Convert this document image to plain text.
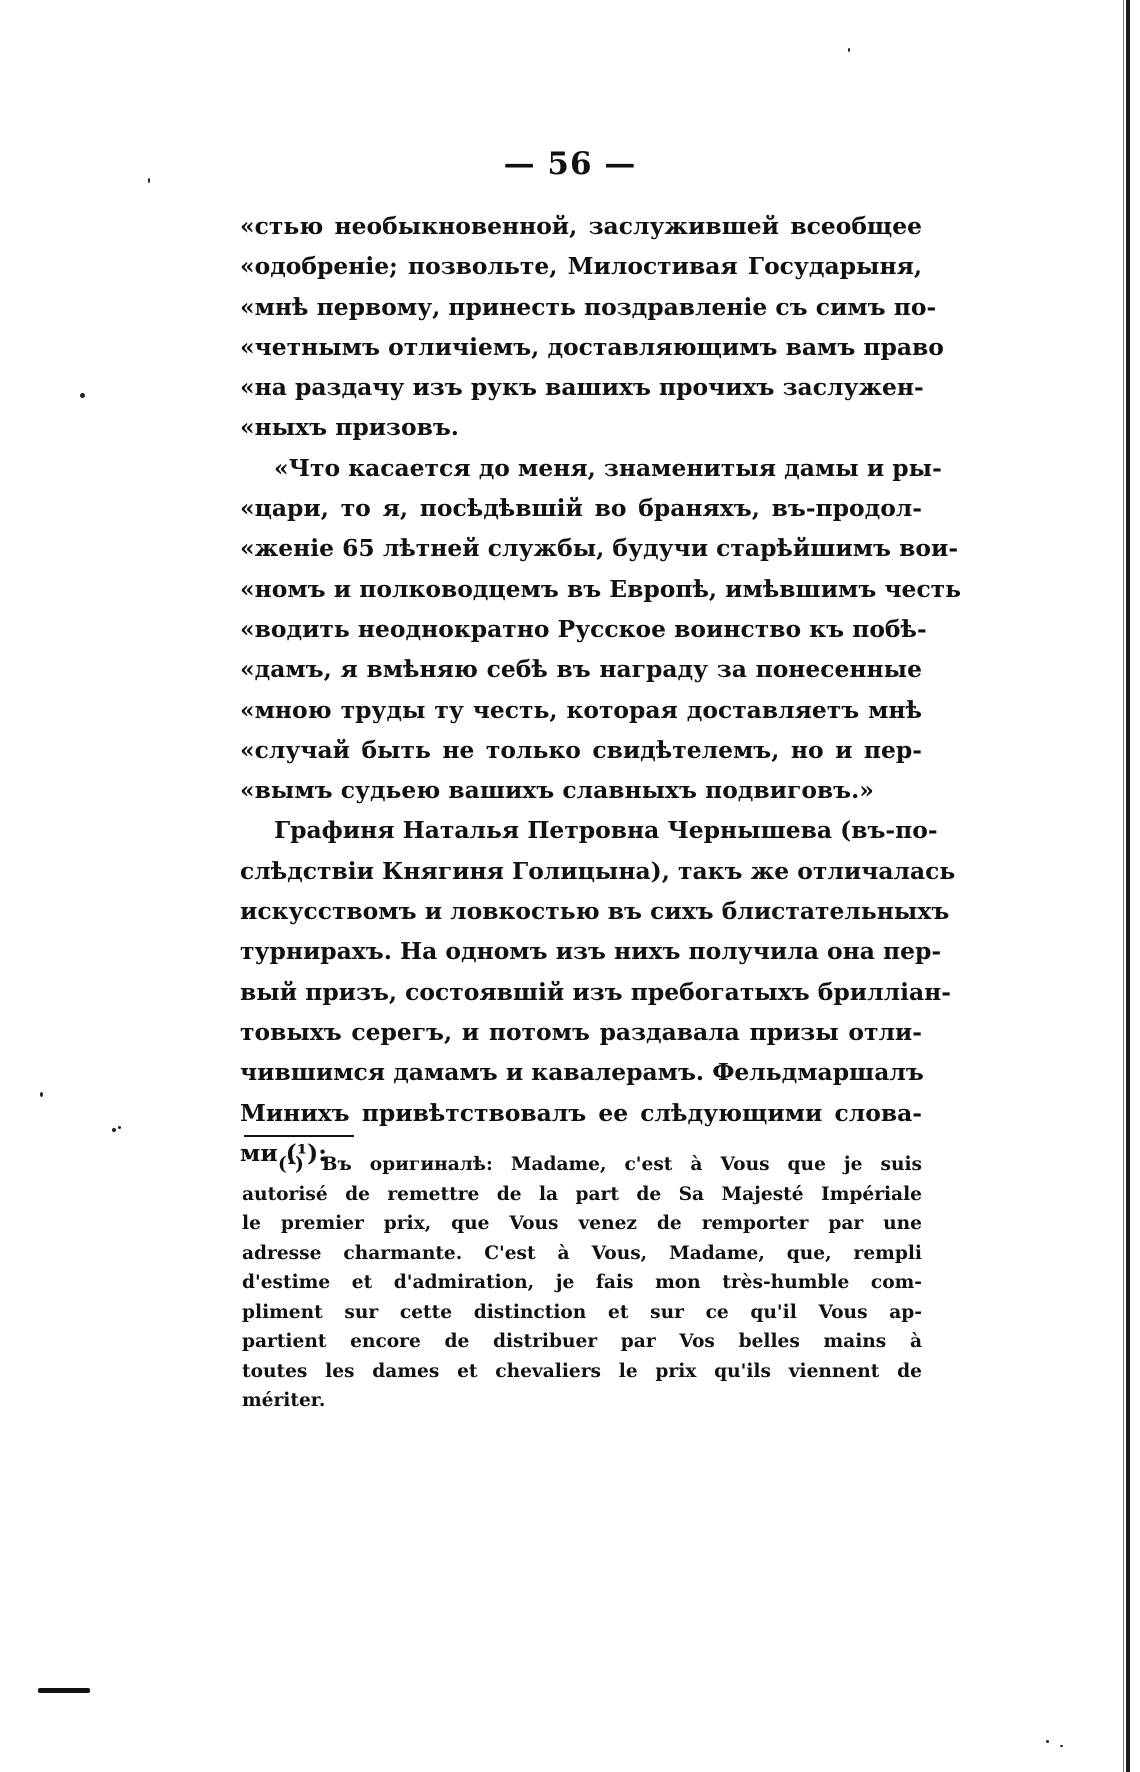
— 56 —
«стью необыкновенной, заслужившей всеобщее
«одобреніе; позвольте, Милостивая Государыня,
«мнѣ первому, принесть поздравленіе съ симъ по-
«четнымъ отличіемъ, доставляющимъ вамъ право
«на раздачу изъ рукъ вашихъ прочихъ заслужен-
«ныхъ призовъ.
«Что касается до меня, знаменитыя дамы и ры-
«цари, то я, посѣдѣвшій во браняхъ, въ-продол-
«женіе 65 лѣтней службы, будучи старѣйшимъ вои-
«номъ и полководцемъ въ Европѣ, имѣвшимъ честь
«водить неоднократно Русское воинство къ побѣ-
«дамъ, я вмѣняю себѣ въ награду за понесенные
«мною труды ту честь, которая доставляетъ мнѣ
«случай быть не только свидѣтелемъ, но и пер-
«вымъ судьею вашихъ славныхъ подвиговъ.»
Графиня Наталья Петровна Чернышева (въ-по-
слѣдствіи Княгиня Голицына), такъ же отличалась
искусствомъ и ловкостью въ сихъ блистательныхъ
турнирахъ. На одномъ изъ нихъ получила она пер-
вый призъ, состоявшій изъ пребогатыхъ брилліан-
товыхъ серегъ, и потомъ раздавала призы отли-
чившимся дамамъ и кавалерамъ. Фельдмаршалъ
Минихъ привѣтствовалъ ее слѣдующими слова-
ми (¹):
(¹) Въ оригиналѣ: Madame, c'est à Vous que je suis
autorisé de remettre de la part de Sa Majesté Impériale
le premier prix, que Vous venez de remporter par une
adresse charmante. C'est à Vous, Madame, que, rempli
d'estime et d'admiration, je fais mon très-humble com-
pliment sur cette distinction et sur ce qu'il Vous ap-
partient encore de distribuer par Vos belles mains à
toutes les dames et chevaliers le prix qu'ils viennent de
mériter.
